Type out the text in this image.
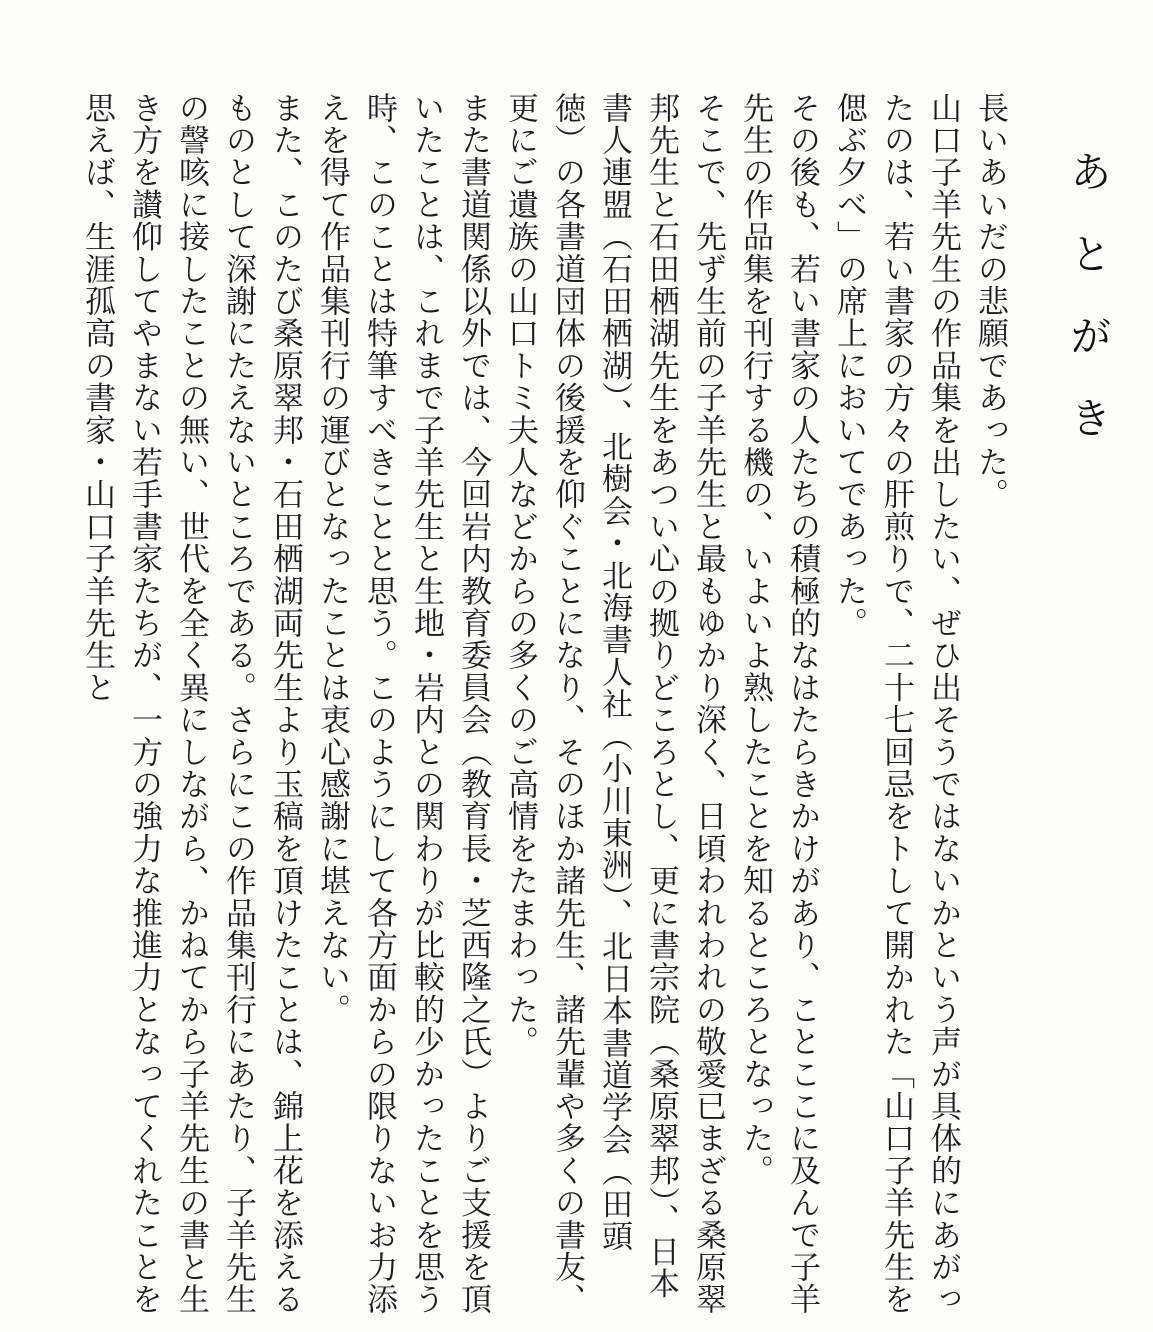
あとがき

長いあいだの悲願であった。

山口子羊先生の作品集を出したい、ぜひ出そうではないかという声が具体的にあがったのは、若い書家の方々の肝煎りで、二十七回忌をトして開かれた「山口子羊先生を偲ぶ夕べ」の席上においてであった。

その後も、若い書家の人たちの積極的なはたらきかけがあり、ことここに及んで子羊先生の作品集を刊行する機の、いよいよ熟したことを知るところとなった。

そこで、先ず生前の子羊先生と最もゆかり深く、日頃われわれの敬愛已まざる桑原翠邦先生と石田栖湖先生をあつい心の拠りどころとし、更に書宗院（桑原翠邦）、日本書人連盟（石田栖湖）、北樹会・北海書人社（小川東洲）、北日本書道学会（田頭　徳）の各書道団体の後援を仰ぐことになり、そのほか諸先生、諸先輩や多くの書友、更にご遺族の山口トミ夫人などからの多くのご高情をたまわった。

また書道関係以外では、今回岩内教育委員会（教育長・芝西隆之氏）よりご支援を頂いたことは、これまで子羊先生と生地・岩内との関わりが比較的少かったことを思う時、このことは特筆すべきことと思う。このようにして各方面からの限りないお力添えを得て作品集刊行の運びとなったことは衷心感謝に堪えない。

また、このたび桑原翠邦・石田栖湖両先生より玉稿を頂けたことは、錦上花を添えるものとして深謝にたえないところである。さらにこの作品集刊行にあたり、子羊先生の謦咳に接したことの無い、世代を全く異にしながら、かねてから子羊先生の書と生き方を讃仰してやまない若手書家たちが、一方の強力な推進力となってくれたことを思えば、生涯孤高の書家・山口子羊先生と
